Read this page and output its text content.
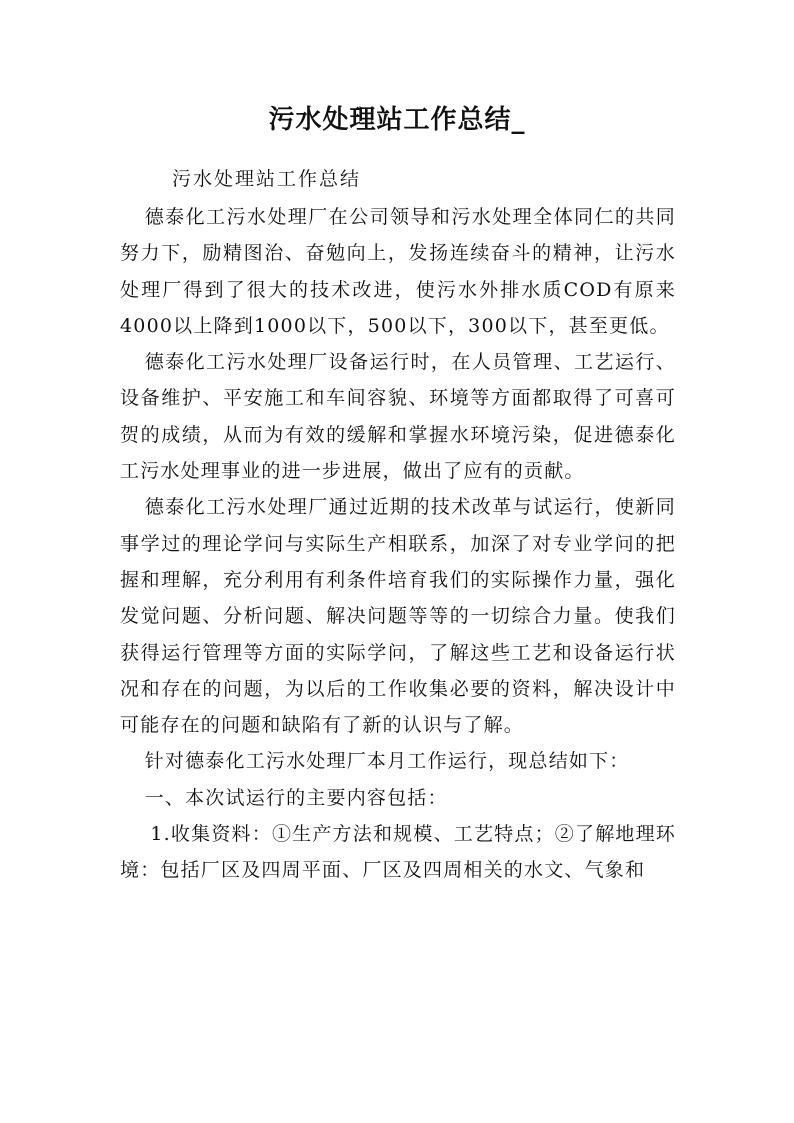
污水处理站工作总结_
污水处理站工作总结

德泰化工污水处理厂在公司领导和污水处理全体同仁的共同努力下，励精图治、奋勉向上，发扬连续奋斗的精神，让污水处理厂得到了很大的技术改进，使污水外排水质COD有原来4000以上降到1000以下，500以下，300以下，甚至更低。

德泰化工污水处理厂设备运行时，在人员管理、工艺运行、设备维护、平安施工和车间容貌、环境等方面都取得了可喜可贺的成绩，从而为有效的缓解和掌握水环境污染，促进德泰化工污水处理事业的进一步进展，做出了应有的贡献。

德泰化工污水处理厂通过近期的技术改革与试运行，使新同事学过的理论学问与实际生产相联系，加深了对专业学问的把握和理解，充分利用有利条件培育我们的实际操作力量，强化发觉问题、分析问题、解决问题等等的一切综合力量。使我们获得运行管理等方面的实际学问，了解这些工艺和设备运行状况和存在的问题，为以后的工作收集必要的资料，解决设计中可能存在的问题和缺陷有了新的认识与了解。

针对德泰化工污水处理厂本月工作运行，现总结如下：

一、本次试运行的主要内容包括：

1.收集资料：①生产方法和规模、工艺特点；②了解地理环境：包括厂区及四周平面、厂区及四周相关的水文、气象和
